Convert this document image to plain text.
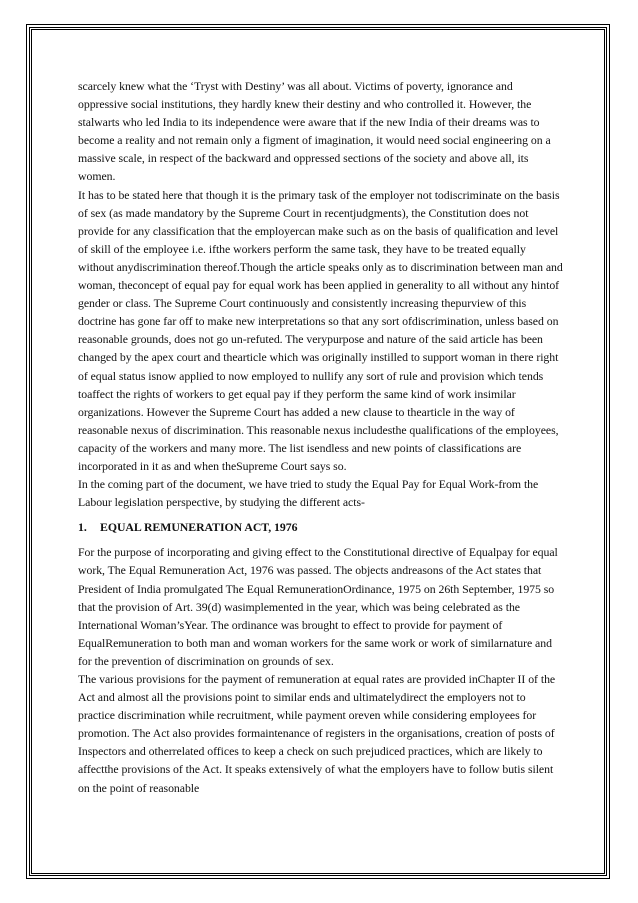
scarcely knew what the ‘Tryst with Destiny’ was all about. Victims of poverty, ignorance and oppressive social institutions, they hardly knew their destiny and who controlled it. However, the stalwarts who led India to its independence were aware that if the new India of their dreams was to become a reality and not remain only a figment of imagination, it would need social engineering on a massive scale, in respect of the backward and oppressed sections of the society and above all, its women.

It has to be stated here that though it is the primary task of the employer not todiscriminate on the basis of sex (as made mandatory by the Supreme Court in recentjudgments), the Constitution does not provide for any classification that the employercan make such as on the basis of qualification and level of skill of the employee i.e. ifthe workers perform the same task, they have to be treated equally without anydiscrimination thereof.Though the article speaks only as to discrimination between man and woman, theconcept of equal pay for equal work has been applied in generality to all without any hintof gender or class. The Supreme Court continuously and consistently increasing thepurview of this doctrine has gone far off to make new interpretations so that any sort ofdiscrimination, unless based on reasonable grounds, does not go un-refuted. The verypurpose and nature of the said article has been changed by the apex court and thearticle which was originally instilled to support woman in there right of equal status isnow applied to now employed to nullify any sort of rule and provision which tends toaffect the rights of workers to get equal pay if they perform the same kind of work insimilar organizations. However the Supreme Court has added a new clause to thearticle in the way of reasonable nexus of discrimination. This reasonable nexus includesthe qualifications of the employees, capacity of the workers and many more. The list isendless and new points of classifications are incorporated in it as and when theSupreme Court says so.

In the coming part of the document, we have tried to study the Equal Pay for Equal Work-from the Labour legislation perspective, by studying the different acts-

1. EQUAL REMUNERATION ACT, 1976

For the purpose of incorporating and giving effect to the Constitutional directive of Equalpay for equal work, The Equal Remuneration Act, 1976 was passed. The objects andreasons of the Act states that President of India promulgated The Equal RemunerationOrdinance, 1975 on 26th September, 1975 so that the provision of Art. 39(d) wasimplemented in the year, which was being celebrated as the International Woman’sYear. The ordinance was brought to effect to provide for payment of EqualRemuneration to both man and woman workers for the same work or work of similarnature and for the prevention of discrimination on grounds of sex.

The various provisions for the payment of remuneration at equal rates are provided inChapter II of the Act and almost all the provisions point to similar ends and ultimatelydirect the employers not to practice discrimination while recruitment, while payment oreven while considering employees for promotion. The Act also provides formaintenance of registers in the organisations, creation of posts of Inspectors and otherrelated offices to keep a check on such prejudiced practices, which are likely to affectthe provisions of the Act. It speaks extensively of what the employers have to follow butis silent on the point of reasonable
